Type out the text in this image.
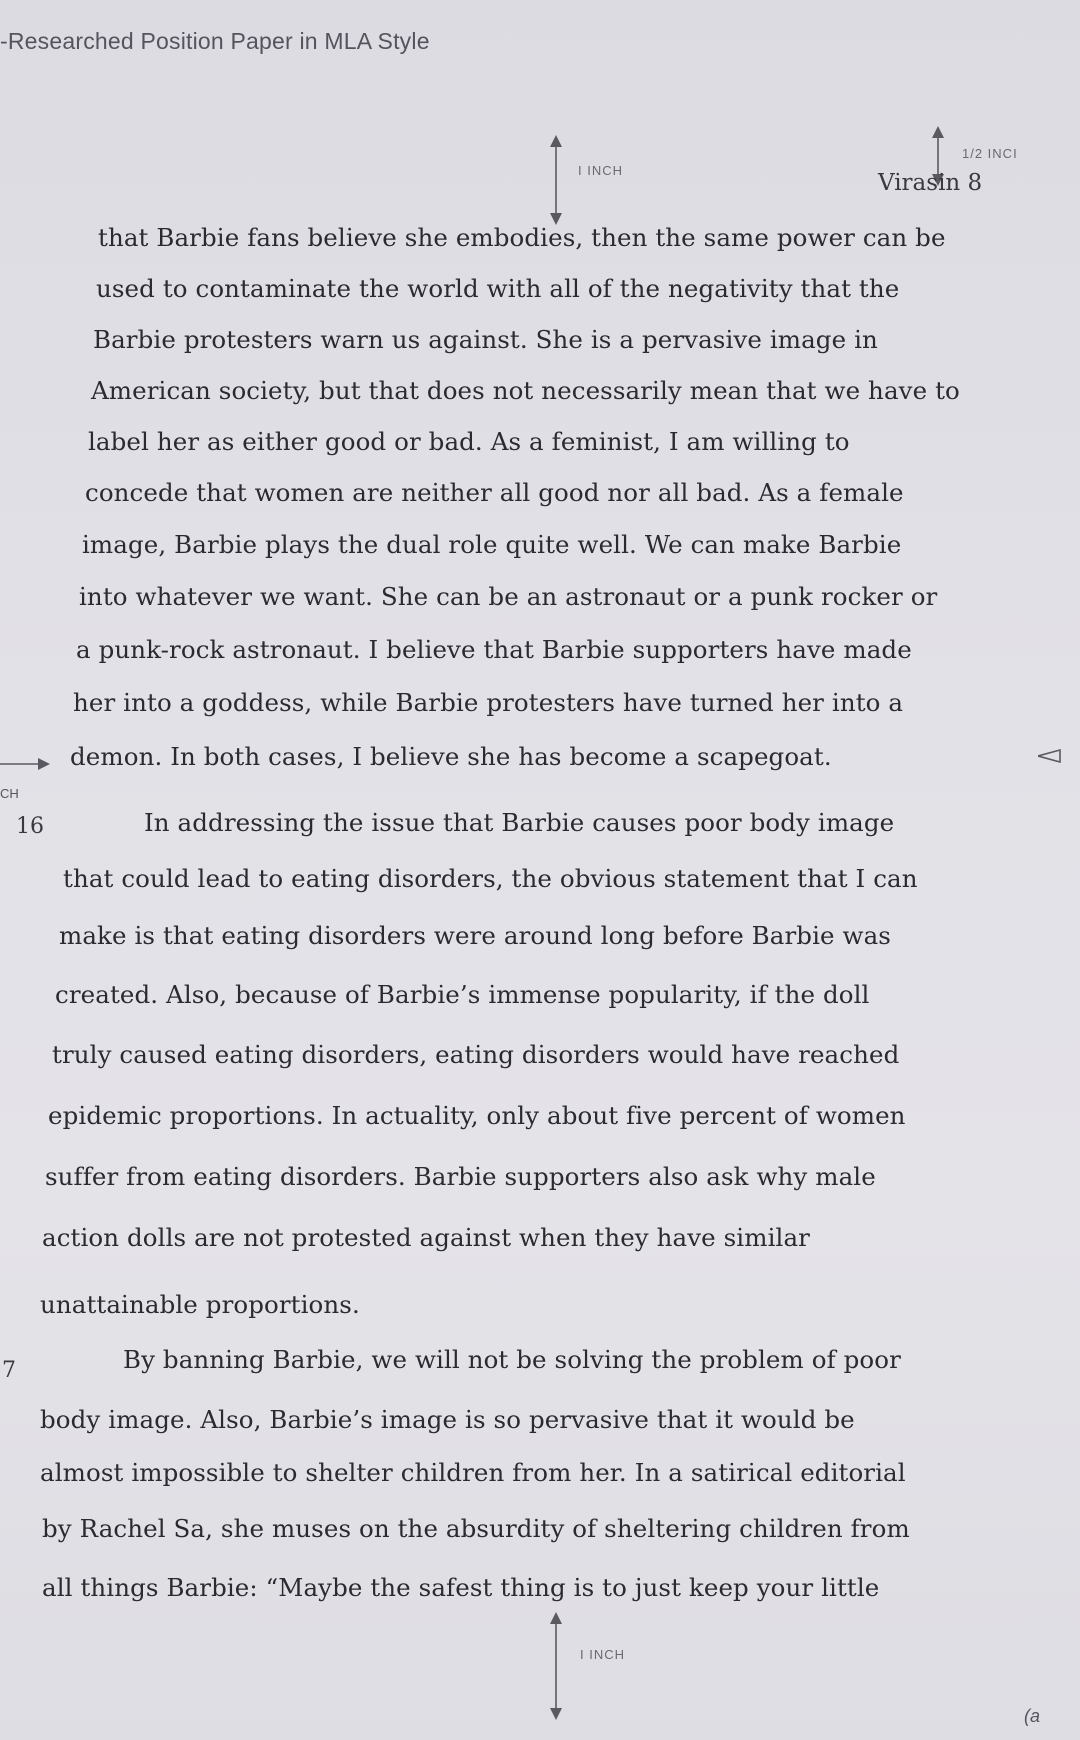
-Researched Position Paper in MLA Style
I INCH
1/2 INCI
Virasin 8
that Barbie fans believe she embodies, then the same power can be
used to contaminate the world with all of the negativity that the
Barbie protesters warn us against. She is a pervasive image in
American society, but that does not necessarily mean that we have to
label her as either good or bad. As a feminist, I am willing to
concede that women are neither all good nor all bad. As a female
image, Barbie plays the dual role quite well. We can make Barbie
into whatever we want. She can be an astronaut or a punk rocker or
a punk-rock astronaut. I believe that Barbie supporters have made
her into a goddess, while Barbie protesters have turned her into a
demon. In both cases, I believe she has become a scapegoat.
CH
16	In addressing the issue that Barbie causes poor body image
that could lead to eating disorders, the obvious statement that I can
make is that eating disorders were around long before Barbie was
created. Also, because of Barbie’s immense popularity, if the doll
truly caused eating disorders, eating disorders would have reached
epidemic proportions. In actuality, only about five percent of women
suffer from eating disorders. Barbie supporters also ask why male
action dolls are not protested against when they have similar
unattainable proportions.
7	By banning Barbie, we will not be solving the problem of poor
body image. Also, Barbie’s image is so pervasive that it would be
almost impossible to shelter children from her. In a satirical editorial
by Rachel Sa, she muses on the absurdity of sheltering children from
all things Barbie: “Maybe the safest thing is to just keep your little
I INCH
(a
